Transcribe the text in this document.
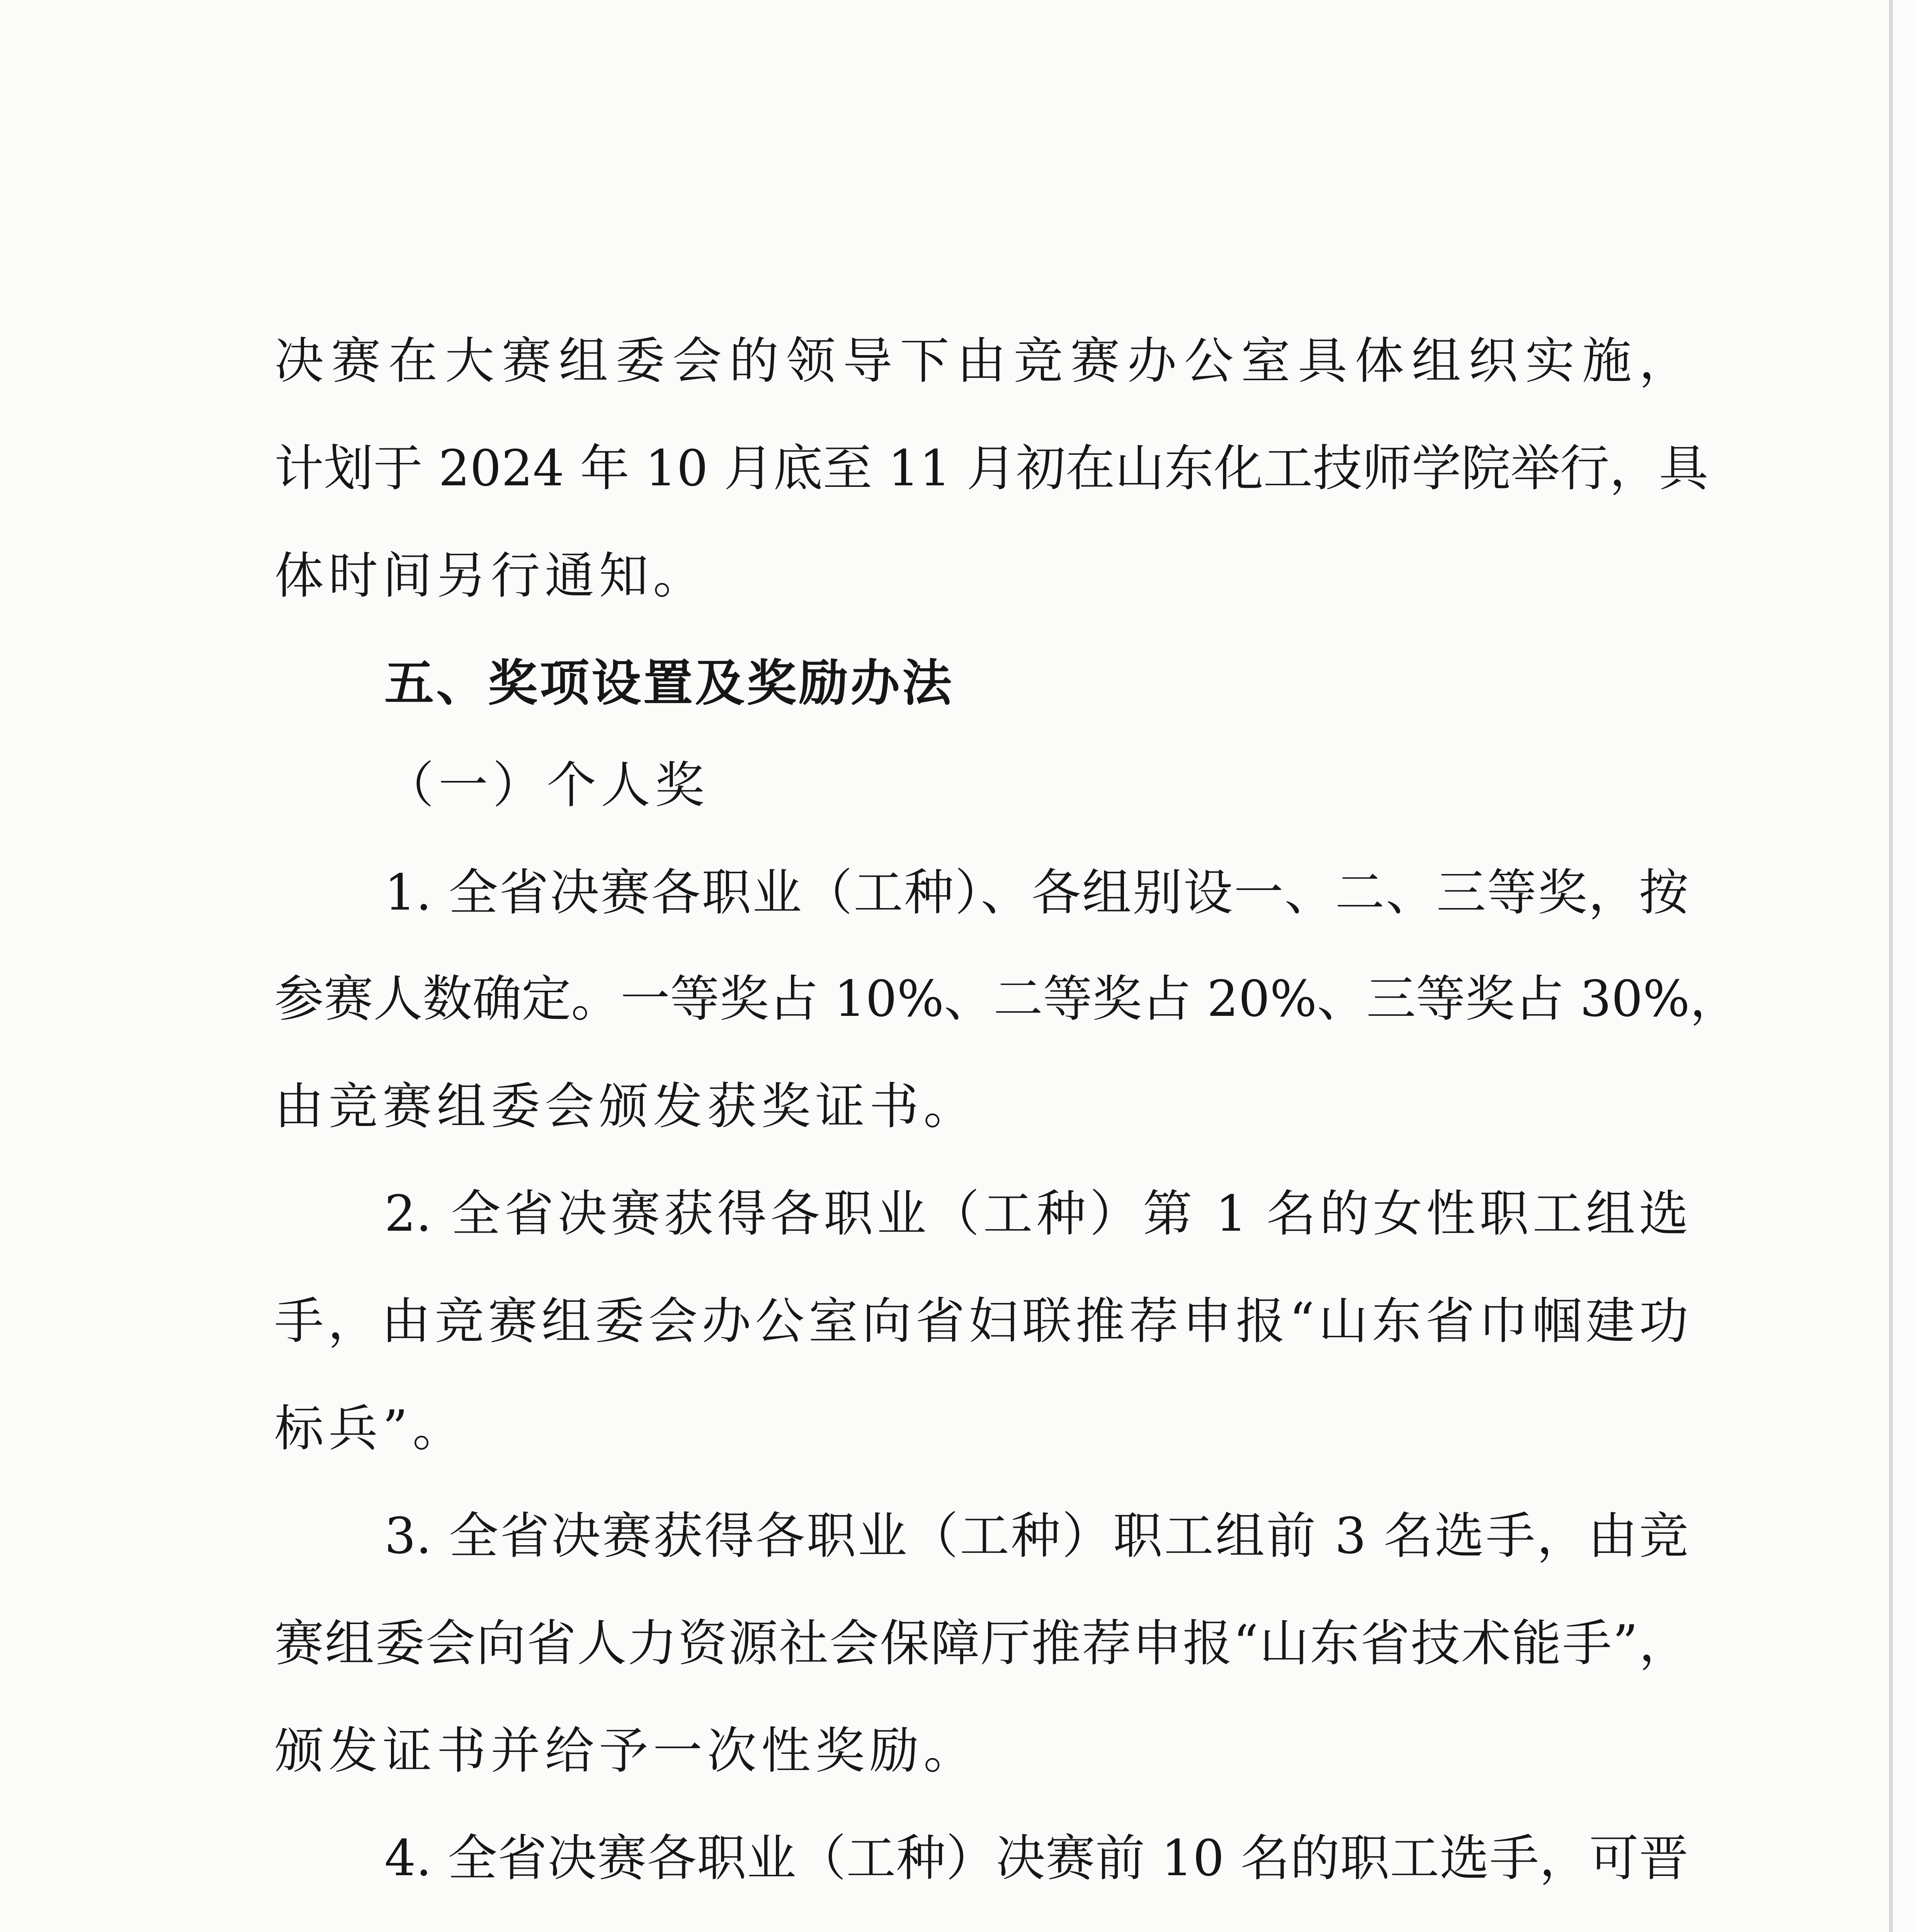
决赛在大赛组委会的领导下由竞赛办公室具体组织实施，
计划于 2024 年 10 月底至 11 月初在山东化工技师学院举行，具
体时间另行通知。
五、奖项设置及奖励办法
（一）个人奖
1. 全省决赛各职业（工种）、各组别设一、二、三等奖，按
参赛人数确定。一等奖占 10%、二等奖占 20%、三等奖占 30%，
由竞赛组委会颁发获奖证书。
2. 全省决赛获得各职业（工种）第 1 名的女性职工组选
手，由竞赛组委会办公室向省妇联推荐申报“山东省巾帼建功
标兵”。
3. 全省决赛获得各职业（工种）职工组前 3 名选手，由竞
赛组委会向省人力资源社会保障厅推荐申报“山东省技术能手”，
颁发证书并给予一次性奖励。
4. 全省决赛各职业（工种）决赛前 10 名的职工选手，可晋
